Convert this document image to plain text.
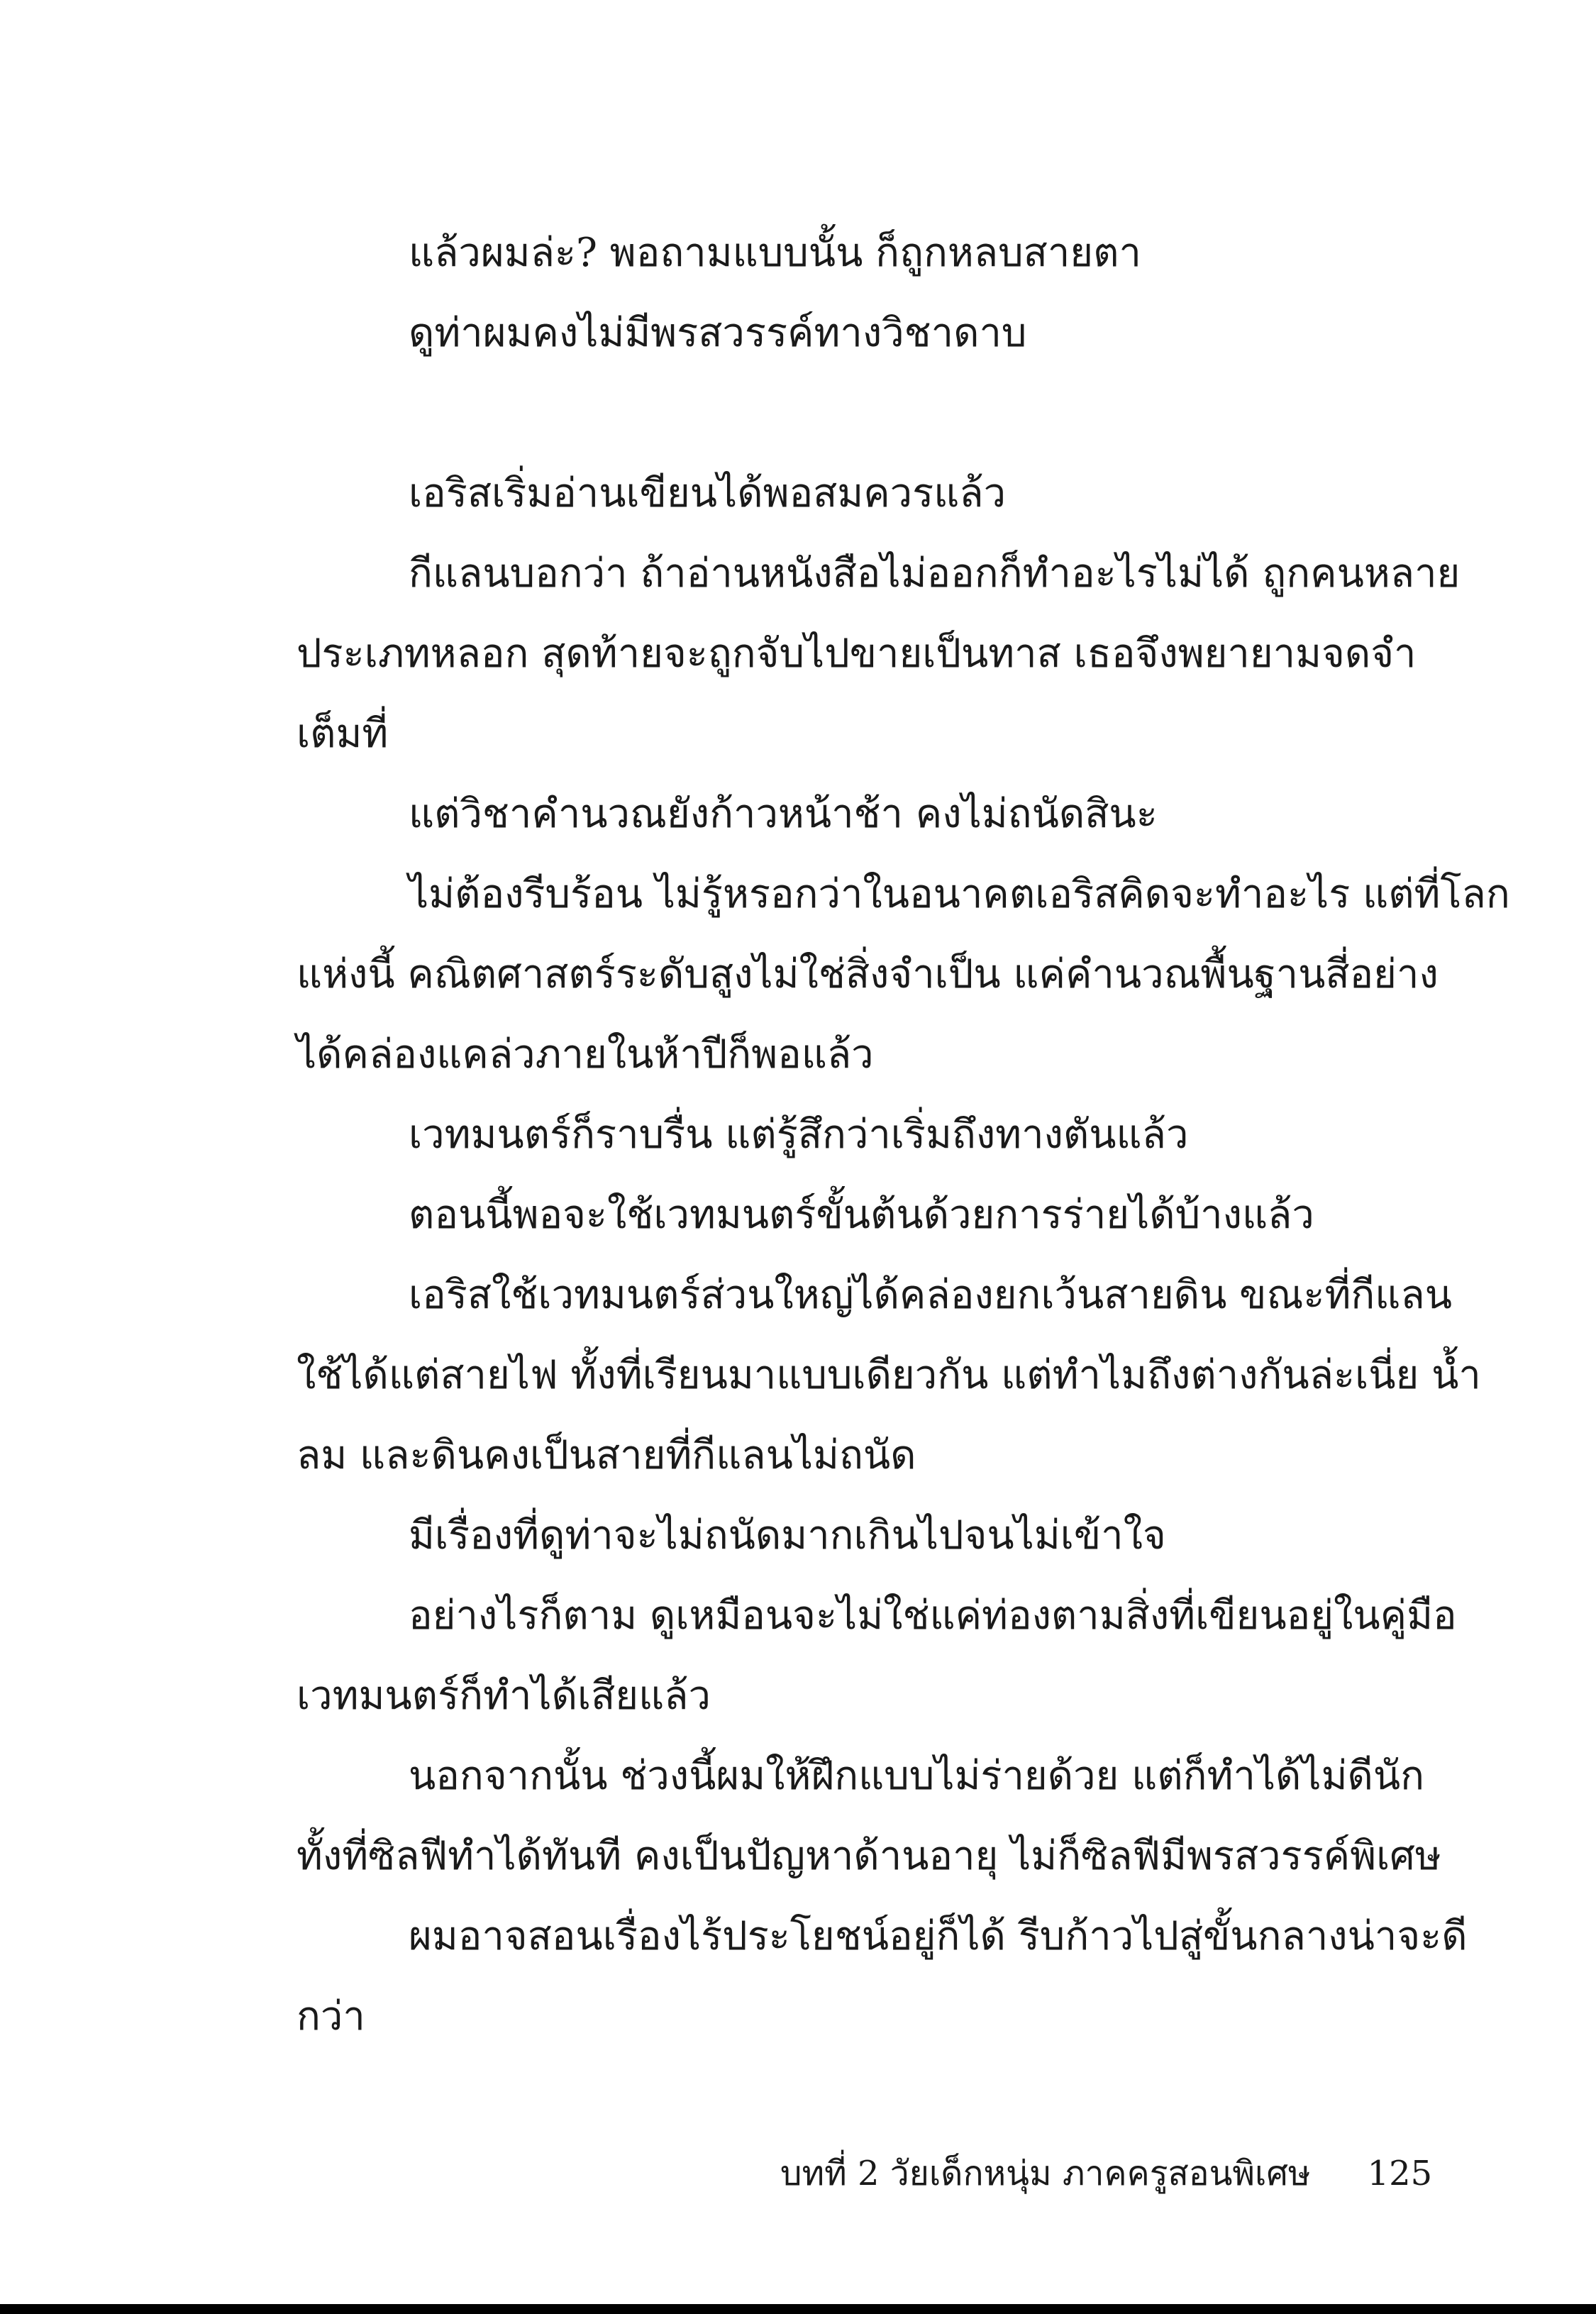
แล้วผมล่ะ? พอถามแบบนั้น ก็ถูกหลบสายตา
ดูท่าผมคงไม่มีพรสวรรค์ทางวิชาดาบ
เอริสเริ่มอ่านเขียนได้พอสมควรแล้ว
กีแลนบอกว่า ถ้าอ่านหนังสือไม่ออกก็ทำอะไรไม่ได้ ถูกคนหลาย
ประเภทหลอก สุดท้ายจะถูกจับไปขายเป็นทาส เธอจึงพยายามจดจำ
เต็มที่
แต่วิชาคำนวณยังก้าวหน้าช้า คงไม่ถนัดสินะ
ไม่ต้องรีบร้อน ไม่รู้หรอกว่าในอนาคตเอริสคิดจะทำอะไร แต่ที่โลก
แห่งนี้ คณิตศาสตร์ระดับสูงไม่ใช่สิ่งจำเป็น แค่คำนวณพื้นฐานสี่อย่าง
ได้คล่องแคล่วภายในห้าปีก็พอแล้ว
เวทมนตร์ก็ราบรื่น แต่รู้สึกว่าเริ่มถึงทางตันแล้ว
ตอนนี้พอจะใช้เวทมนตร์ขั้นต้นด้วยการร่ายได้บ้างแล้ว
เอริสใช้เวทมนตร์ส่วนใหญ่ได้คล่องยกเว้นสายดิน ขณะที่กีแลน
ใช้ได้แต่สายไฟ ทั้งที่เรียนมาแบบเดียวกัน แต่ทำไมถึงต่างกันล่ะเนี่ย น้ำ
ลม และดินคงเป็นสายที่กีแลนไม่ถนัด
มีเรื่องที่ดูท่าจะไม่ถนัดมากเกินไปจนไม่เข้าใจ
อย่างไรก็ตาม ดูเหมือนจะไม่ใช่แค่ท่องตามสิ่งที่เขียนอยู่ในคู่มือ
เวทมนตร์ก็ทำได้เสียแล้ว
นอกจากนั้น ช่วงนี้ผมให้ฝึกแบบไม่ร่ายด้วย แต่ก็ทำได้ไม่ดีนัก
ทั้งที่ซิลฟีทำได้ทันที คงเป็นปัญหาด้านอายุ ไม่ก็ซิลฟีมีพรสวรรค์พิเศษ
ผมอาจสอนเรื่องไร้ประโยชน์อยู่ก็ได้ รีบก้าวไปสู่ขั้นกลางน่าจะดี
กว่า
บทที่ 2 วัยเด็กหนุ่ม ภาคครูสอนพิเศษ 125
